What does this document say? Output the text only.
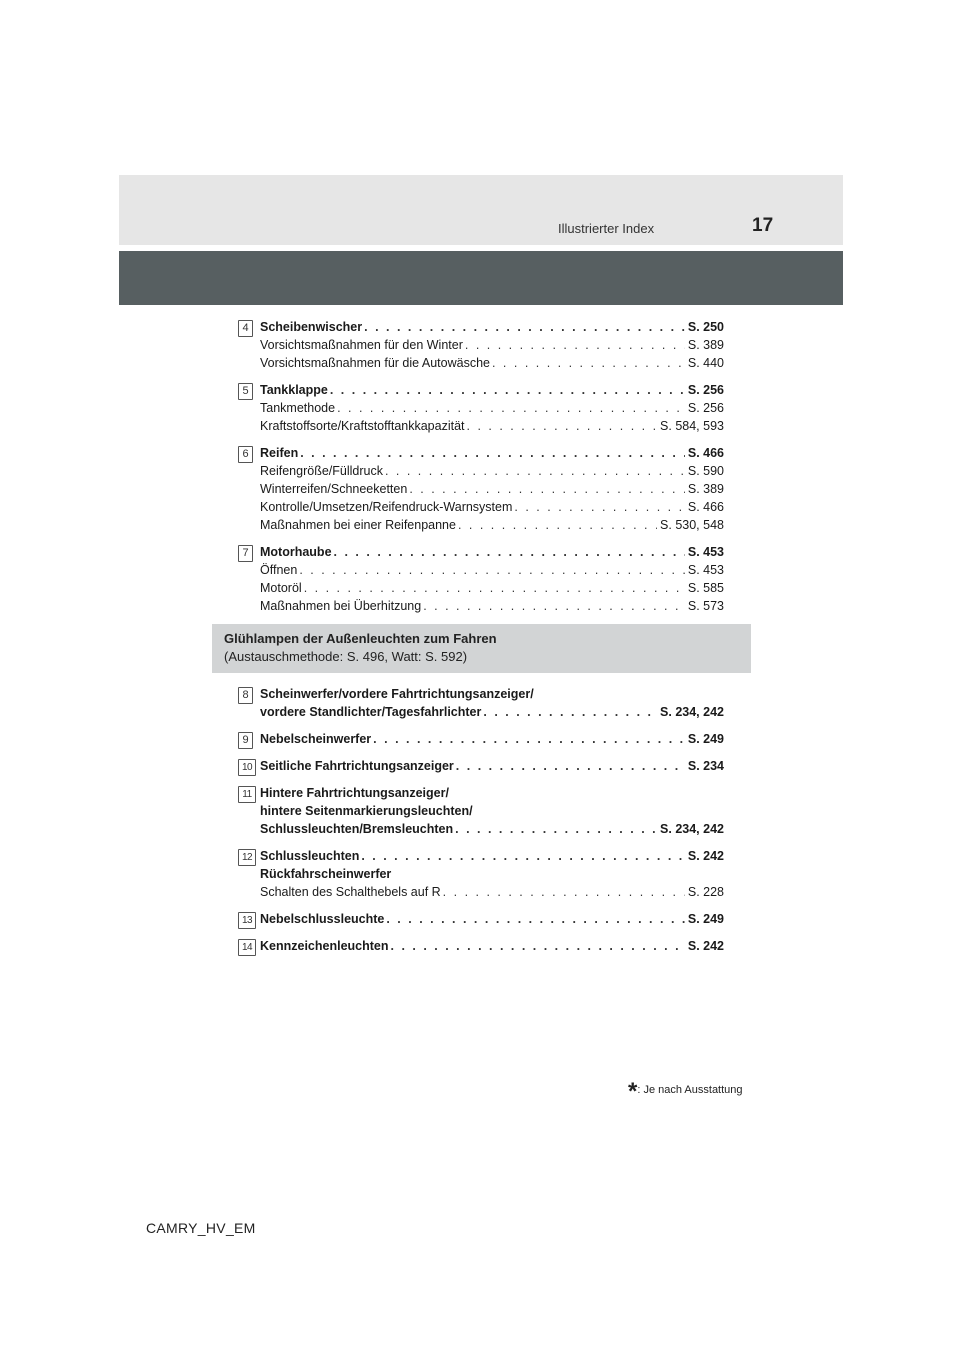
Illustrierter Index	17
4 Scheibenwischer . . .	S. 250
Vorsichtsmaßnahmen für den Winter . . .	S. 389
Vorsichtsmaßnahmen für die Autowäsche . . .	S. 440
5 Tankklappe . . .	S. 256
Tankmethode . . .	S. 256
Kraftstoffsorte/Kraftstofftankkapazität . . .	S. 584, 593
6 Reifen . . .	S. 466
Reifengröße/Fülldruck . . .	S. 590
Winterreifen/Schneeketten . . .	S. 389
Kontrolle/Umsetzen/Reifendruck-Warnsystem . . .	S. 466
Maßnahmen bei einer Reifenpanne . . .	S. 530, 548
7 Motorhaube . . .	S. 453
Öffnen . . .	S. 453
Motoröl . . .	S. 585
Maßnahmen bei Überhitzung . . .	S. 573
Glühlampen der Außenleuchten zum Fahren
(Austauschmethode: S. 496, Watt: S. 592)
8 Scheinwerfer/vordere Fahrtrichtungsanzeiger/
vordere Standlichter/Tagesfahrlichter . . .	S. 234, 242
9 Nebelscheinwerfer . . .	S. 249
10 Seitliche Fahrtrichtungsanzeiger . . .	S. 234
11 Hintere Fahrtrichtungsanzeiger/
hintere Seitenmarkierungsleuchten/
Schlussleuchten/Bremsleuchten . . .	S. 234, 242
12 Schlussleuchten . . .	S. 242
Rückfahrscheinwerfer
Schalten des Schalthebels auf R . . .	S. 228
13 Nebelschlussleuchte . . .	S. 249
14 Kennzeichenleuchten . . .	S. 242
*: Je nach Ausstattung
CAMRY_HV_EM
